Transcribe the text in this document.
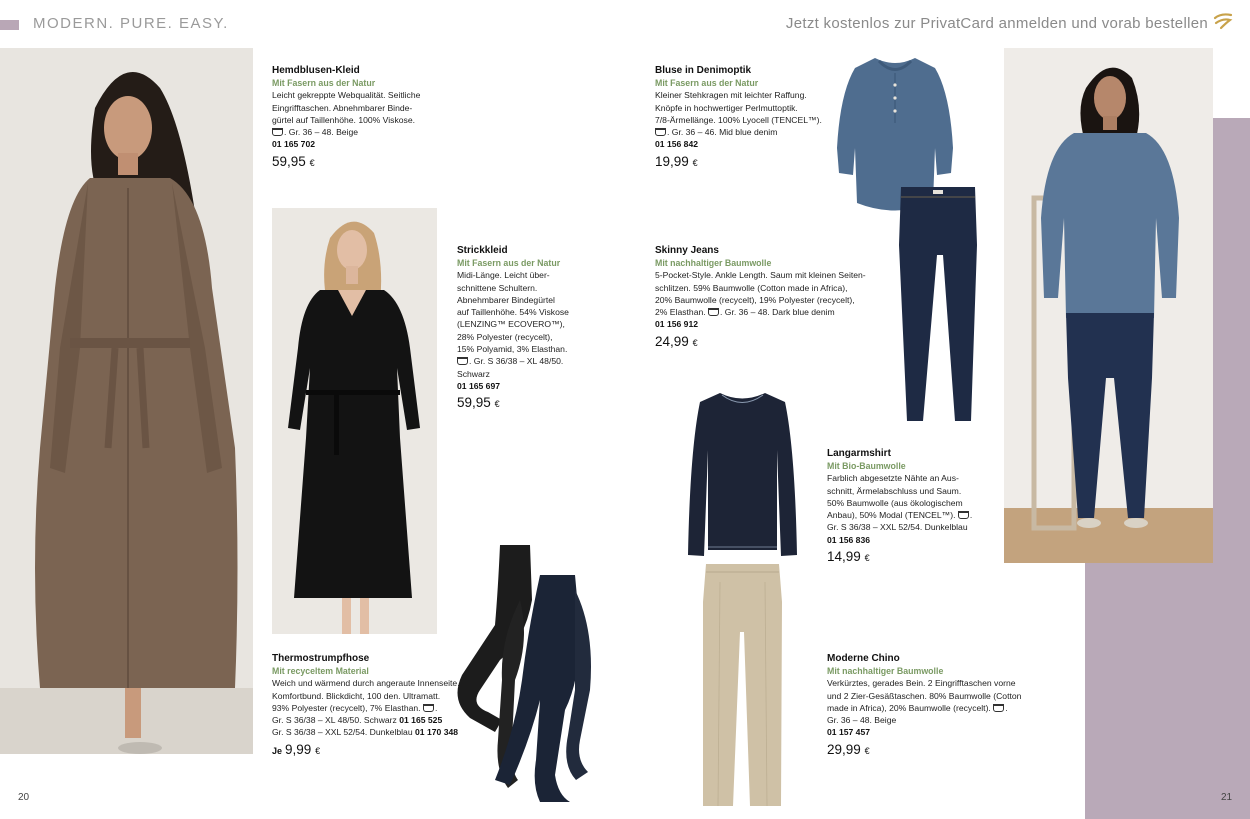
MODERN. PURE. EASY.	Jetzt kostenlos zur PrivatCard anmelden und vorab bestellen
Hemdblusen-Kleid
Mit Fasern aus der Natur
Leicht gekreppte Webqualität. Seitliche
Eingrifftaschen. Abnehmbarer Binde-
gürtel auf Taillenhöhe. 100% Viskose.
. Gr. 36 – 48. Beige
01 165 702
59,95 €
Strickkleid
Mit Fasern aus der Natur
Midi-Länge. Leicht über-
schnittene Schultern.
Abnehmbarer Bindegürtel
auf Taillenhöhe. 54% Viskose
(LENZING™ ECOVERO™),
28% Polyester (recycelt),
15% Polyamid, 3% Elasthan.
. Gr. S 36/38 – XL 48/50.
Schwarz
01 165 697
59,95 €
Thermostrumpfhose
Mit recyceltem Material
Weich und wärmend durch angeraute Innenseite.
Komfortbund. Blickdicht, 100 den. Ultramatt.
93% Polyester (recycelt), 7% Elasthan. .
Gr. S 36/38 – XL 48/50. Schwarz 01 165 525
Gr. S 36/38 – XXL 52/54. Dunkelblau 01 170 348
Je 9,99 €
Bluse in Denimoptik
Mit Fasern aus der Natur
Kleiner Stehkragen mit leichter Raffung.
Knöpfe in hochwertiger Perlmuttoptik.
7/8-Ärmellänge. 100% Lyocell (TENCEL™).
. Gr. 36 – 46. Mid blue denim
01 156 842
19,99 €
Skinny Jeans
Mit nachhaltiger Baumwolle
5-Pocket-Style. Ankle Length. Saum mit kleinen Seiten-
schlitzen. 59% Baumwolle (Cotton made in Africa),
20% Baumwolle (recycelt), 19% Polyester (recycelt),
2% Elasthan. . Gr. 36 – 48. Dark blue denim
01 156 912
24,99 €
Langarmshirt
Mit Bio-Baumwolle
Farblich abgesetzte Nähte an Aus-
schnitt, Ärmelabschluss und Saum.
50% Baumwolle (aus ökologischem
Anbau), 50% Modal (TENCEL™). .
Gr. S 36/38 – XXL 52/54. Dunkelblau
01 156 836
14,99 €
Moderne Chino
Mit nachhaltiger Baumwolle
Verkürztes, gerades Bein. 2 Eingrifftaschen vorne
und 2 Zier-Gesäßtaschen. 80% Baumwolle (Cotton
made in Africa), 20% Baumwolle (recycelt). .
Gr. 36 – 48. Beige
01 157 457
29,99 €
20	21
